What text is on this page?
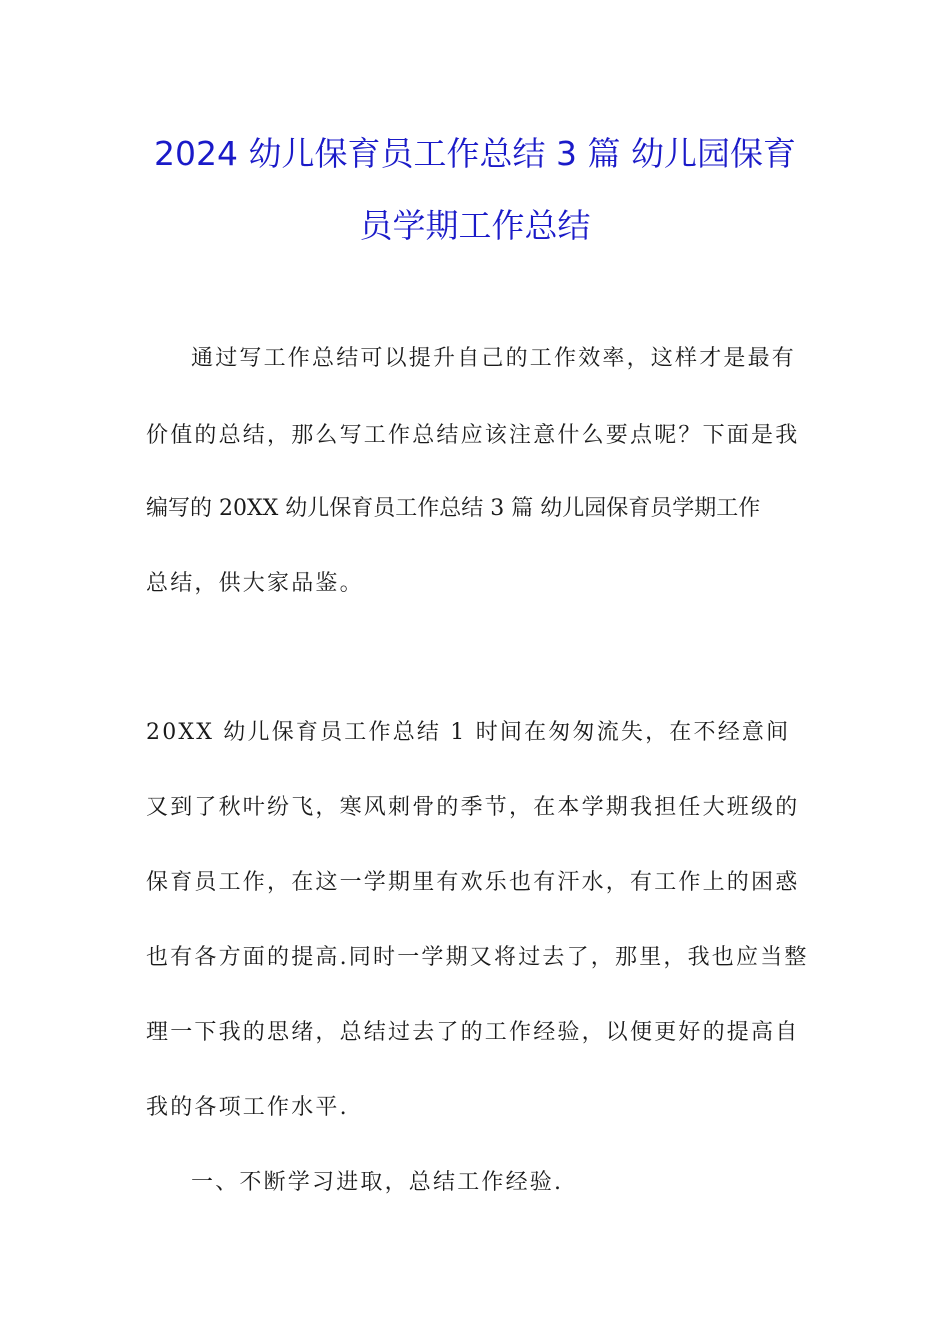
2024 幼儿保育员工作总结 3 篇 幼儿园保育
员学期工作总结
通过写工作总结可以提升自己的工作效率，这样才是最有
价值的总结，那么写工作总结应该注意什么要点呢？下面是我
编写的 20XX 幼儿保育员工作总结 3 篇 幼儿园保育员学期工作
总结，供大家品鉴。
20XX 幼儿保育员工作总结 1 时间在匆匆流失，在不经意间
又到了秋叶纷飞，寒风刺骨的季节，在本学期我担任大班级的
保育员工作，在这一学期里有欢乐也有汗水，有工作上的困惑
也有各方面的提高.同时一学期又将过去了，那里，我也应当整
理一下我的思绪，总结过去了的工作经验，以便更好的提高自
我的各项工作水平.
一、不断学习进取，总结工作经验.
